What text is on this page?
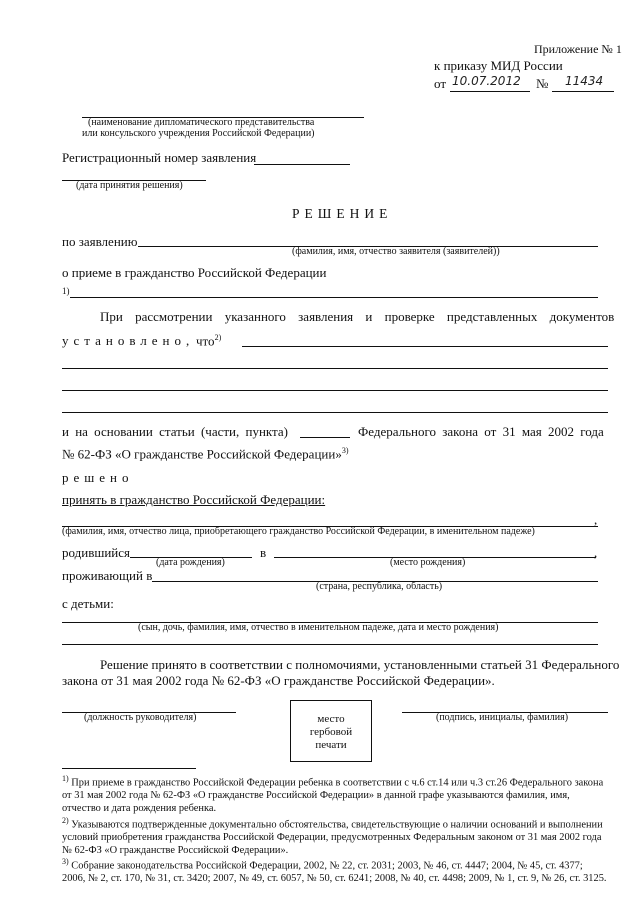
Приложение № 1
к приказу МИД России
от 10.07.2012 № 11434
(наименование дипломатического представительства
или консульского учреждения Российской Федерации)
Регистрационный номер заявления
(дата принятия решения)
РЕШЕНИЕ
по заявлению
(фамилия, имя, отчество заявителя (заявителей))
о приеме в гражданство Российской Федерации
1)
При рассмотрении указанного заявления и проверке представленных документов
установлено, что$^{2)}$
и на основании статьи (части, пункта)	Федерального закона от 31 мая 2002 года
№ 62-ФЗ «О гражданстве Российской Федерации»$^{3)}$
решено
принять в гражданство Российской Федерации:
,
(фамилия, имя, отчество лица, приобретающего гражданство Российской Федерации, в именительном падеже)
родившийся
(дата рождения)
в	,
(место рождения)
проживающий в
(страна, республика, область)
с детьми:
(сын, дочь, фамилия, имя, отчество в именительном падеже, дата и место рождения)
Решение принято в соответствии с полномочиями, установленными статьей 31 Федерального
закона от 31 мая 2002 года № 62-ФЗ «О гражданстве Российской Федерации».
(должность руководителя)	место
гербовой
печати
(подпись, инициалы, фамилия)
$^{1)}$ При приеме в гражданство Российской Федерации ребенка в соответствии с ч.6 ст.14 или ч.3 ст.26 Федерального закона от 31 мая 2002 года № 62-ФЗ «О гражданстве Российской Федерации» в данной графе указываются фамилия, имя, отчество и дата рождения ребенка.
$^{2)}$ Указываются подтвержденные документально обстоятельства, свидетельствующие о наличии оснований и выполнении условий приобретения гражданства Российской Федерации, предусмотренных Федеральным законом от 31 мая 2002 года № 62-ФЗ «О гражданстве Российской Федерации».
$^{3)}$ Собрание законодательства Российской Федерации, 2002, № 22, ст. 2031; 2003, № 46, ст. 4447; 2004, № 45, ст. 4377; 2006, № 2, ст. 170, № 31, ст. 3420; 2007, № 49, ст. 6057, № 50, ст. 6241; 2008, № 40, ст. 4498; 2009, № 1, ст. 9, № 26, ст. 3125.
